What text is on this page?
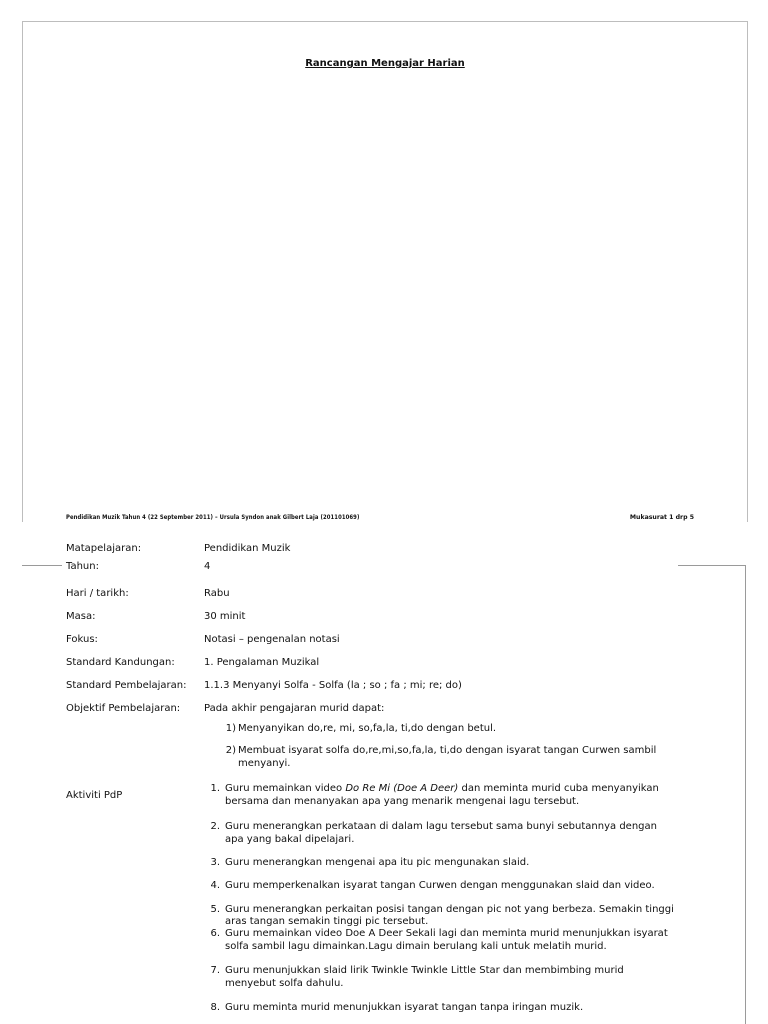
Rancangan Mengajar Harian
Pendidikan Muzik Tahun 4 (22 September 2011) – Ursula Syndon anak Gilbert Laja (201101069)	Mukasurat 1 drp 5
Matapelajaran:	Pendidikan Muzik
Tahun:	4
Hari / tarikh:	Rabu
Masa:	30 minit
Fokus:	Notasi – pengenalan notasi
Standard Kandungan:	1. Pengalaman Muzikal
Standard Pembelajaran: 1.1.3 Menyanyi Solfa - Solfa (la ; so ; fa ; mi; re; do)
Objektif Pembelajaran: Pada akhir pengajaran murid dapat:
1) Menyanyikan do,re, mi, so,fa,la, ti,do dengan betul.
2) Membuat isyarat solfa do,re,mi,so,fa,la, ti,do dengan isyarat tangan Curwen sambil menyanyi.
Aktiviti PdP
1. Guru memainkan video Do Re Mi (Doe A Deer) dan meminta murid cuba menyanyikan bersama dan menanyakan apa yang menarik mengenai lagu tersebut.
2. Guru menerangkan perkataan di dalam lagu tersebut sama bunyi sebutannya dengan apa yang bakal dipelajari.
3. Guru menerangkan mengenai apa itu pic mengunakan slaid.
4. Guru memperkenalkan isyarat tangan Curwen dengan menggunakan slaid dan video.
5. Guru menerangkan perkaitan posisi tangan dengan pic not yang berbeza. Semakin tinggi aras tangan semakin tinggi pic tersebut.
6. Guru memainkan video Doe A Deer Sekali lagi dan meminta murid menunjukkan isyarat solfa sambil lagu dimainkan.Lagu dimain berulang kali untuk melatih murid.
7. Guru menunjukkan slaid lirik Twinkle Twinkle Little Star dan membimbing murid menyebut solfa dahulu.
8. Guru meminta murid menunjukkan isyarat tangan tanpa iringan muzik.
